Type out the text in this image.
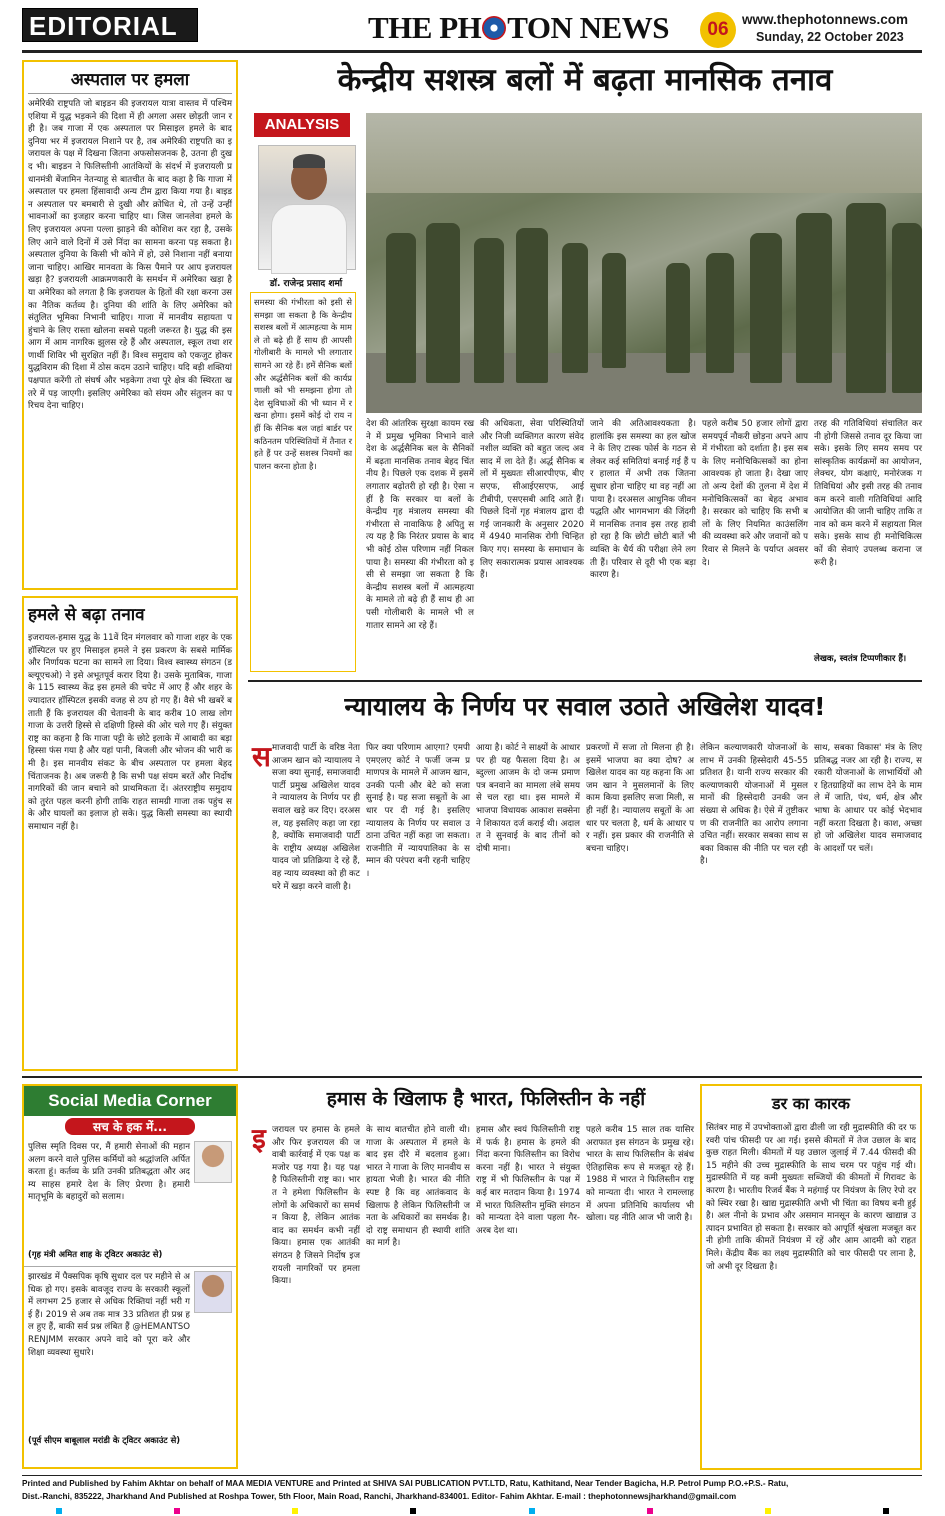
EDITORIAL	THE PH TON NEWS 06 www.thephotonnews.com
Sunday, 22 October 2023
अस्पताल पर हमला
अमेरिकी राष्ट्रपति जो बाइडन की इजरायल यात्रा वास्तव में पश्चिम एशिया में युद्ध भड़कने की दिशा में ही अगला असर छोड़ती जान रही है। जब गाजा में एक अस्पताल पर मिसाइल हमले के बाद दुनिया भर में इजरायल निशाने पर है, तब अमेरिकी राष्ट्रपति का इजरायल के पक्ष में दिखना जितना अफसोसजनक है, उतना ही दुखद भी। बाइडन ने फिलिस्तीनी आतंकियों के संदर्भ में इजरायली प्रधानमंत्री बेंजामिन नेतन्याहू से बातचीत के बाद कहा है कि गाजा में अस्पताल पर हमला हिंसावादी अन्य टीम द्वारा किया गया है। बाइडन अस्पताल पर बमबारी से दुखी और क्रोधित थे, तो उन्हें उन्हीं भावनाओं का इजहार करना चाहिए था। जिस जानलेवा हमले के लिए इजरायल अपना पल्ला झाड़ने की कोशिश कर रहा है, उसके लिए आने वाले दिनों में उसे निंदा का सामना करना पड़ सकता है। अस्पताल दुनिया के किसी भी कोने में हो, उसे निशाना नहीं बनाया जाना चाहिए। आखिर मानवता के किस पैमाने पर आप इजरायल खड़ा है? इजरायली आक्रमणकारी के समर्थन में अमेरिका खड़ा है या अमेरिका को लगता है कि इजरायल के हितों की रक्षा करना उसका नैतिक कर्तव्य है। दुनिया की शांति के लिए अमेरिका को संतुलित भूमिका निभानी चाहिए। गाजा में मानवीय सहायता पहुंचाने के लिए रास्ता खोलना सबसे पहली जरूरत है। युद्ध की इस आग में आम नागरिक झुलस रहे हैं और अस्पताल, स्कूल तथा शरणार्थी शिविर भी सुरक्षित नहीं हैं। विश्व समुदाय को एकजुट होकर युद्धविराम की दिशा में ठोस कदम उठाने चाहिए। यदि बड़ी शक्तियां पक्षपात करेंगी तो संघर्ष और भड़केगा तथा पूरे क्षेत्र की स्थिरता खतरे में पड़ जाएगी। इसलिए अमेरिका को संयम और संतुलन का परिचय देना चाहिए।
हमले से बढ़ा तनाव
इजरायल-हमास युद्ध के 11वें दिन मंगलवार को गाजा शहर के एक हॉस्पिटल पर हुए मिसाइल हमले ने इस प्रकरण के सबसे मार्मिक और निर्णायक घटना का सामने ला दिया। विश्व स्वास्थ्य संगठन (डब्ल्यूएचओ) ने इसे अभूतपूर्व करार दिया है। उसके मुताबिक, गाजा के 115 स्वास्थ्य केंद्र इस हमले की चपेट में आए हैं और शहर के ज्यादातर हॉस्पिटल इसकी वजह से ठप हो गए हैं। वैसे भी खबरें बताती हैं कि इजरायल की चेतावनी के बाद करीब 10 लाख लोग गाजा के उत्तरी हिस्से से दक्षिणी हिस्से की ओर चले गए हैं। संयुक्त राष्ट्र का कहना है कि गाजा पट्टी के छोटे इलाके में आबादी का बड़ा हिस्सा फंस गया है और यहां पानी, बिजली और भोजन की भारी कमी है। इस मानवीय संकट के बीच अस्पताल पर हमला बेहद चिंताजनक है। अब जरूरी है कि सभी पक्ष संयम बरतें और निर्दोष नागरिकों की जान बचाने को प्राथमिकता दें। अंतरराष्ट्रीय समुदाय को तुरंत पहल करनी होगी ताकि राहत सामग्री गाजा तक पहुंच सके और घायलों का इलाज हो सके। युद्ध किसी समस्या का स्थायी समाधान नहीं है।
केन्द्रीय सशस्त्र बलों में बढ़ता मानसिक तनाव
ANALYSIS
डॉ. राजेन्द्र प्रसाद शर्मा
समस्या की गंभीरता को इसी से समझा जा सकता है कि केन्द्रीय सशस्त्र बलों में आत्महत्या के मामले तो बढ़े ही हैं साथ ही आपसी गोलीबारी के मामले भी लगातार सामने आ रहे हैं। हमें सैनिक बलों और अर्द्धसैनिक बलों की कार्यप्रणाली को भी समझना होगा तो देश सुविधाओं की भी ध्यान में रखना होगा। इसमें कोई दो राय नहीं कि सैनिक बल जहां बार्डर पर कठिनतम परिस्थितियों में तैनात रहते हैं पर उन्हें सशस्त्र नियमों का पालन करना होता है।
देश की आंतरिक सुरक्षा कायम रखने में प्रमुख भूमिका निभाने वाले देश के अर्द्धसैनिक बल के सैनिकों में बढ़ता मानसिक तनाव बेहद चिंतनीय है। पिछले एक दशक में इसमें लगातार बढ़ोतरी हो रही है। ऐसा नहीं है कि सरकार या बलों के केन्द्रीय गृह मंत्रालय समस्या की गंभीरता से नावाकिफ है अपितु सत्य यह है कि निरंतर प्रयास के बाद भी कोई ठोस परिणाम नहीं निकल पाया है। समस्या की गंभीरता को इसी से समझा जा सकता है कि केन्द्रीय सशस्त्र बलों में आत्महत्या के मामले तो बढ़े ही हैं साथ ही आपसी गोलीबारी के मामले भी लगातार सामने आ रहे हैं।
की अधिकता, सेवा परिस्थितियों और निजी व्यक्तिगत कारण संवेदनशील व्यक्ति को बहुत जल्द अवसाद में ला देते हैं। अर्द्ध सैनिक बलों में मुख्यतः सीआरपीएफ, बीएसएफ, सीआईएसएफ, आईटीबीपी, एसएसबी आदि आते हैं। पिछले दिनों गृह मंत्रालय द्वारा दी गई जानकारी के अनुसार 2020 में 4940 मानसिक रोगी चिन्हित किए गए। समस्या के समाधान के लिए सकारात्मक प्रयास आवश्यक हैं।
जाने की अतिआवश्यकता है। हालांकि इस समस्या का हल खोजने के लिए टास्क फोर्स के गठन से लेकर कई समितियां बनाई गई हैं पर हालात में अभी तक जितना सुधार होना चाहिए था वह नहीं आ पाया है। दरअसल आधुनिक जीवन पद्धति और भागमभाग की जिंदगी में मानसिक तनाव इस तरह हावी हो रहा है कि छोटी छोटी बातें भी व्यक्ति के धैर्य की परीक्षा लेने लगती हैं। परिवार से दूरी भी एक बड़ा कारण है।
पहले करीब 50 हजार लोगों द्वारा समयपूर्व नौकरी छोड़ना अपने आप में गंभीरता को दर्शाता है। इस सबके लिए मनोचिकित्सकों का होना आवश्यक हो जाता है। देखा जाए तो अन्य देशों की तुलना में देश में मनोचिकित्सकों का बेहद अभाव है। सरकार को चाहिए कि सभी बलों के लिए नियमित काउंसलिंग की व्यवस्था करे और जवानों को परिवार से मिलने के पर्याप्त अवसर दे।
तरह की गतिविधियां संचालित करनी होगी जिससे तनाव दूर किया जा सके। इसके लिए समय समय पर सांस्कृतिक कार्यक्रमों का आयोजन, लेक्चर, योग कक्षाएं, मनोरंजक गतिविधियां और इसी तरह की तनाव कम करने वाली गतिविधियां आदि आयोजित की जानी चाहिए ताकि तनाव को कम करने में सहायता मिल सके। इसके साथ ही मनोचिकित्सकों की सेवाएं उपलब्ध कराना जरूरी है।
लेखक, स्वतंत्र टिप्पणीकार हैं।
न्यायालय के निर्णय पर सवाल उठाते अखिलेश यादव!
स माजवादी पार्टी के वरिष्ठ नेता आजम खान को न्यायालय ने सजा क्या सुनाई, समाजवादी पार्टी प्रमुख अखिलेश यादव ने न्यायालय के निर्णय पर ही सवाल खड़े कर दिए। दरअसल, यह इसलिए कहा जा रहा है, क्योंकि समाजवादी पार्टी के राष्ट्रीय अध्यक्ष अखिलेश यादव जो प्रतिक्रिया दे रहे हैं, वह न्याय व्यवस्था को ही कटघरे में खड़ा करने वाली है।
फिर क्या परिणाम आएगा? एमपी एमएलए कोर्ट ने फर्जी जन्म प्रमाणपत्र के मामले में आजम खान, उनकी पत्नी और बेटे को सजा सुनाई है। यह सजा सबूतों के आधार पर दी गई है। इसलिए न्यायालय के निर्णय पर सवाल उठाना उचित नहीं कहा जा सकता। राजनीति में न्यायपालिका के सम्मान की परंपरा बनी रहनी चाहिए।
आया है। कोर्ट ने साक्ष्यों के आधार पर ही यह फैसला दिया है। अब्दुल्ला आजम के दो जन्म प्रमाण पत्र बनवाने का मामला लंबे समय से चल रहा था। इस मामले में भाजपा विधायक आकाश सक्सेना ने शिकायत दर्ज कराई थी। अदालत ने सुनवाई के बाद तीनों को दोषी माना।
प्रकरणों में सजा तो मिलना ही है। इसमें भाजपा का क्या दोष? अखिलेश यादव का यह कहना कि आजम खान ने मुसलमानों के लिए काम किया इसलिए सजा मिली, सही नहीं है। न्यायालय सबूतों के आधार पर चलता है, धर्म के आधार पर नहीं। इस प्रकार की राजनीति से बचना चाहिए।
लेकिन कल्याणकारी योजनाओं के लाभ में उनकी हिस्सेदारी 45-55 प्रतिशत है। यानी राज्य सरकार की कल्याणकारी योजनाओं में मुसलमानों की हिस्सेदारी उनकी जनसंख्या से अधिक है। ऐसे में तुष्टीकरण की राजनीति का आरोप लगाना उचित नहीं। सरकार सबका साथ सबका विकास की नीति पर चल रही है।
साथ, सबका विकास' मंत्र के लिए प्रतिबद्ध नजर आ रही है। राज्य, सरकारी योजनाओं के लाभार्थियों और हितग्राहियों का लाभ देने के मामले में जाति, पंथ, धर्म, क्षेत्र और भाषा के आधार पर कोई भेदभाव नहीं करता दिखता है। काश, अच्छा हो जो अखिलेश यादव समाजवाद के आदर्शों पर चलें।
Social Media Corner
सच के हक में...
पुलिस स्मृति दिवस पर, मैं हमारी सेनाओं की महान अलग करने वाले पुलिस कर्मियों को श्रद्धांजलि अर्पित करता हूं। कर्तव्य के प्रति उनकी प्रतिबद्धता और अदम्य साहस हमारे देश के लिए प्रेरणा है। हमारी मातृभूमि के बहादुरों को सलाम।
(गृह मंत्री अमित शाह के ट्विटर अकाउंट से)
झारखंड में पैक्सपिक कृषि सुधार दल पर महीने से अधिक हो गए। इसके बावजूद राज्य के सरकारी स्कूलों में लगभग 25 हजार से अधिक रिक्तियां नहीं भरी गई हैं। 2019 से अब तक मात्र 33 प्रतिशत ही प्रश्न हल हुए हैं, बाकी सर्व प्रश्न लंबित हैं @HEMANTSORENJMM सरकार अपने वादे को पूरा करे और शिक्षा व्यवस्था सुधारे।
(पूर्व सीएम बाबूलाल मरांडी के ट्विटर अकाउंट से)
हमास के खिलाफ है भारत, फिलिस्तीन के नहीं
इ जरायल पर हमास के हमले और फिर इजरायल की जवाबी कार्रवाई में एक पक्ष कमजोर पड़ गया है। यह पक्ष है फिलिस्तीनी राष्ट्र का। भारत ने हमेशा फिलिस्तीन के लोगों के अधिकारों का समर्थन किया है, लेकिन आतंकवाद का समर्थन कभी नहीं किया। हमास एक आतंकी संगठन है जिसने निर्दोष इजरायली नागरिकों पर हमला किया।
के साथ बातचीत होने वाली थी। गाजा के अस्पताल में हमले के बाद इस दौरे में बदलाव हुआ। भारत ने गाजा के लिए मानवीय सहायता भेजी है। भारत की नीति स्पष्ट है कि वह आतंकवाद के खिलाफ है लेकिन फिलिस्तीनी जनता के अधिकारों का समर्थक है। दो राष्ट्र समाधान ही स्थायी शांति का मार्ग है।
हमास और स्वयं फिलिस्तीनी राष्ट्र में फर्क है। हमास के हमले की निंदा करना फिलिस्तीन का विरोध करना नहीं है। भारत ने संयुक्त राष्ट्र में भी फिलिस्तीन के पक्ष में कई बार मतदान किया है। 1974 में भारत फिलिस्तीन मुक्ति संगठन को मान्यता देने वाला पहला गैर-अरब देश था।
पहले करीब 15 साल तक यासिर अराफात इस संगठन के प्रमुख रहे। भारत के साथ फिलिस्तीन के संबंध ऐतिहासिक रूप से मजबूत रहे हैं। 1988 में भारत ने फिलिस्तीन राष्ट्र को मान्यता दी। भारत ने रामल्लाह में अपना प्रतिनिधि कार्यालय भी खोला। यह नीति आज भी जारी है।
डर का कारक
सितंबर माह में उपभोक्ताओं द्वारा ढीली जा रही मुद्रास्फीति की दर फरवरी पांच फीसदी पर आ गई। इससे कीमतों में तेज उछाल के बाद कुछ राहत मिली। कीमतों में यह उछाल जुलाई में 7.44 फीसदी की 15 महीने की उच्च मुद्रास्फीति के साथ चरम पर पहुंच गई थी। मुद्रास्फीति में यह कमी मुख्यतः सब्जियों की कीमतों में गिरावट के कारण है। भारतीय रिजर्व बैंक ने महंगाई पर नियंत्रण के लिए रेपो दर को स्थिर रखा है। खाद्य मुद्रास्फीति अभी भी चिंता का विषय बनी हुई है। अल नीनो के प्रभाव और असमान मानसून के कारण खाद्यान्न उत्पादन प्रभावित हो सकता है। सरकार को आपूर्ति श्रृंखला मजबूत करनी होगी ताकि कीमतें नियंत्रण में रहें और आम आदमी को राहत मिले। केंद्रीय बैंक का लक्ष्य मुद्रास्फीति को चार फीसदी पर लाना है, जो अभी दूर दिखता है।
Printed and Published by Fahim Akhtar on behalf of MAA MEDIA VENTURE and Printed at SHIVA SAI PUBLICATION PVT.LTD, Ratu, Kathitand, Near Tender Bagicha, H.P. Petrol Pump P.O.+P.S.- Ratu,
Dist.-Ranchi, 835222, Jharkhand And Published at Roshpa Tower, 5th Floor, Main Road, Ranchi, Jharkhand-834001. Editor- Fahim Akhtar. E-mail : thephotonnewsjharkhand@gmail.com
